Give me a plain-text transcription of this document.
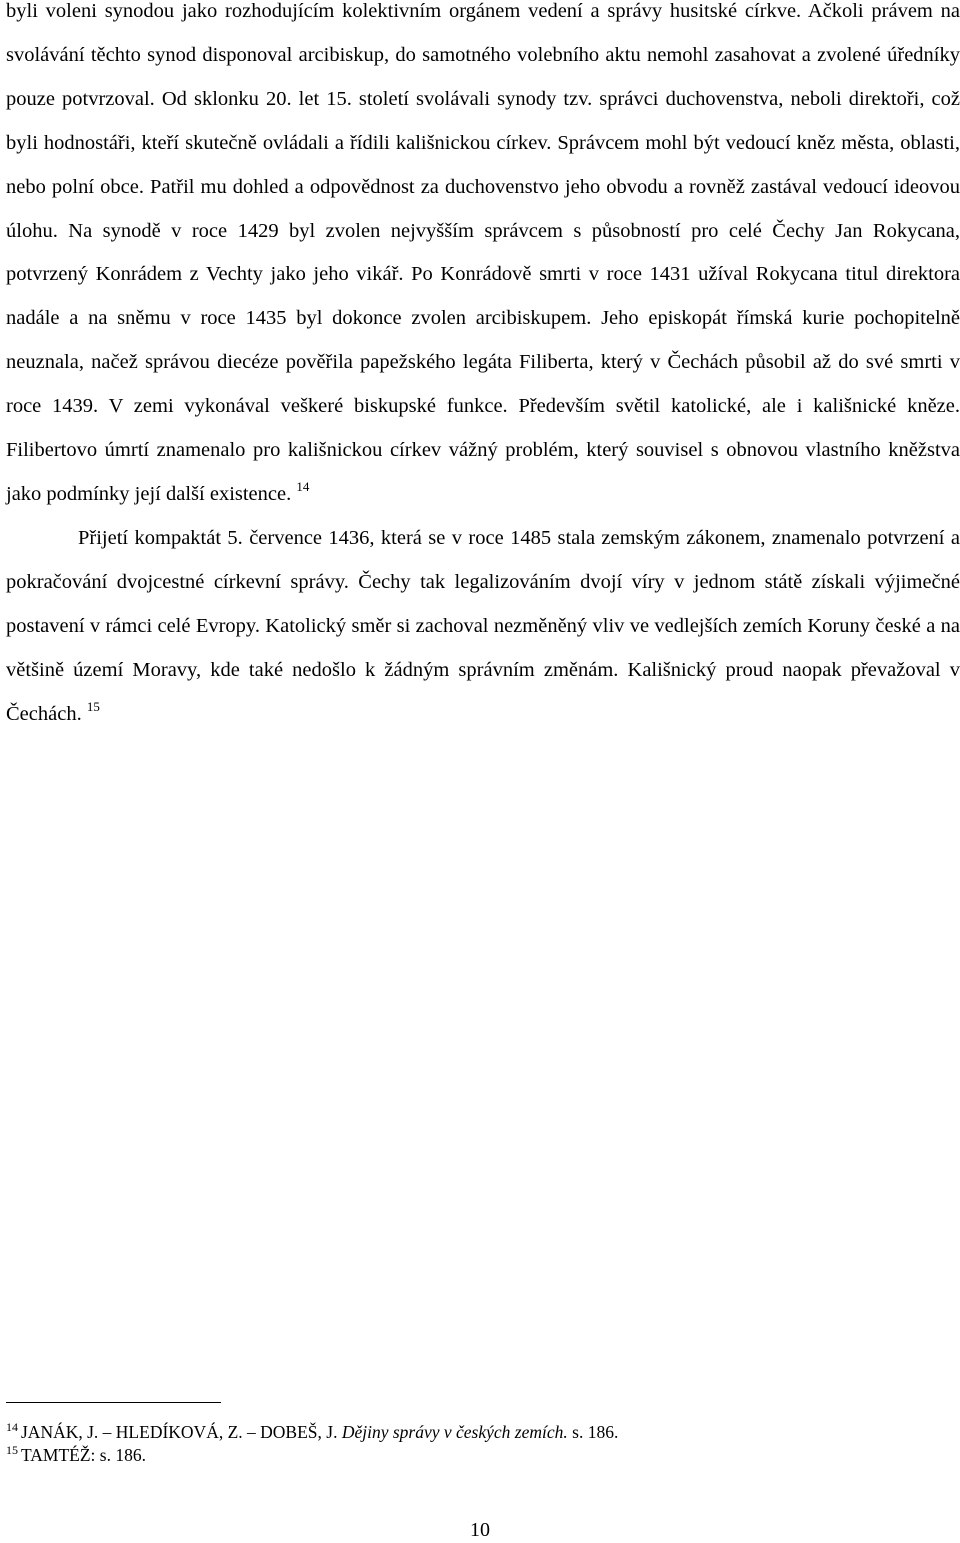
byli voleni synodou jako rozhodujícím kolektivním orgánem vedení a správy husitské církve. Ačkoli právem na svolávání těchto synod disponoval arcibiskup, do samotného volebního aktu nemohl zasahovat a zvolené úředníky pouze potvrzoval. Od sklonku 20. let 15. století svolávali synody tzv. správci duchovenstva, neboli direktoři, což byli hodnostáři, kteří skutečně ovládali a řídili kališnickou církev. Správcem mohl být vedoucí kněz města, oblasti, nebo polní obce. Patřil mu dohled a odpovědnost za duchovenstvo jeho obvodu a rovněž zastával vedoucí ideovou úlohu. Na synodě v roce 1429 byl zvolen nejvyšším správcem s působností pro celé Čechy Jan Rokycana, potvrzený Konrádem z Vechty jako jeho vikář. Po Konrádově smrti v roce 1431 užíval Rokycana titul direktora nadále a na sněmu v roce 1435 byl dokonce zvolen arcibiskupem. Jeho episkopát římská kurie pochopitelně neuznala, načež správou diecéze pověřila papežského legáta Filiberta, který v Čechách působil až do své smrti v roce 1439. V zemi vykonával veškeré biskupské funkce. Především světil katolické, ale i kališnické kněze. Filibertovo úmrtí znamenalo pro kališnickou církev vážný problém, který souvisel s obnovou vlastního kněžstva jako podmínky její další existence. $^{14}$

Přijetí kompaktát 5. července 1436, která se v roce 1485 stala zemským zákonem, znamenalo potvrzení a pokračování dvojcestné církevní správy. Čechy tak legalizováním dvojí víry v jednom státě získali výjimečné postavení v rámci celé Evropy. Katolický směr si zachoval nezměněný vliv ve vedlejších zemích Koruny české a na většině území Moravy, kde také nedošlo k žádným správním změnám. Kališnický proud naopak převažoval v Čechách. $^{15}$

$^{14}$ JANÁK, J. – HLEDÍKOVÁ, Z. – DOBEŠ, J. Dějiny správy v českých zemích. s. 186.

$^{15}$ TAMTÉŽ: s. 186.

10
